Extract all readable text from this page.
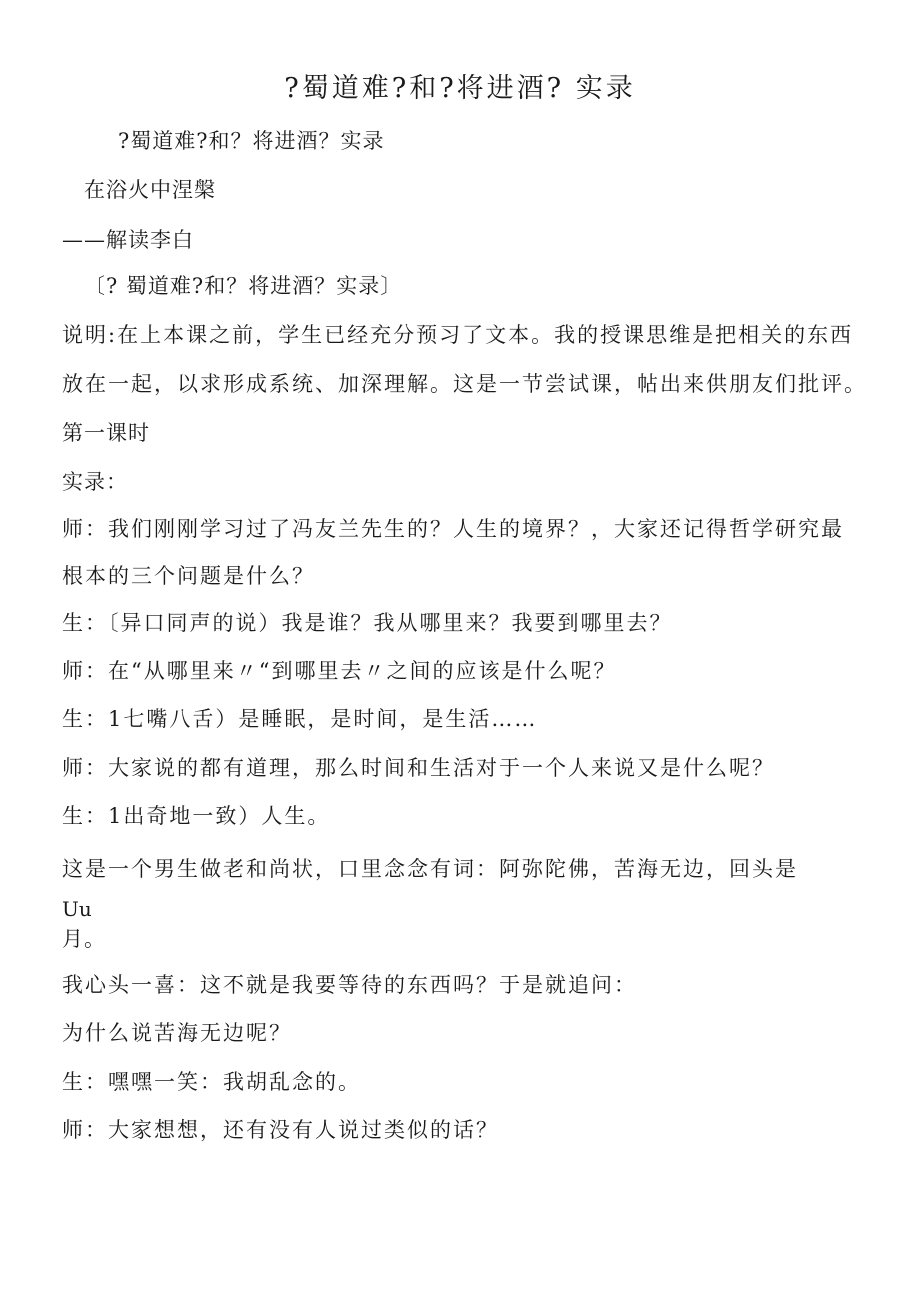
?蜀道难?和?将进酒? 实录
?蜀道难?和？将进酒？实录
在浴火中涅槃
——解读李白
〔? 蜀道难?和？将进酒？实录〕
说明:在上本课之前，学生已经充分预习了文本。我的授课思维是把相关的东西
放在一起，以求形成系统、加深理解。这是一节尝试课，帖出来供朋友们批评。
第一课时
实录：
师：我们刚刚学习过了冯友兰先生的？人生的境界？，大家还记得哲学研究最
根本的三个问题是什么？
生：〔异口同声的说）我是谁？我从哪里来？我要到哪里去？
师：在“从哪里来〃“到哪里去〃之间的应该是什么呢？
生：1七嘴八舌）是睡眠，是时间，是生活……
师：大家说的都有道理，那么时间和生活对于一个人来说又是什么呢？
生：1出奇地一致）人生。
这是一个男生做老和尚状，口里念念有词：阿弥陀佛，苦海无边，回头是
Uu
月。
我心头一喜：这不就是我要等待的东西吗？于是就追问：
为什么说苦海无边呢？
生：嘿嘿一笑：我胡乱念的。
师：大家想想，还有没有人说过类似的话？
